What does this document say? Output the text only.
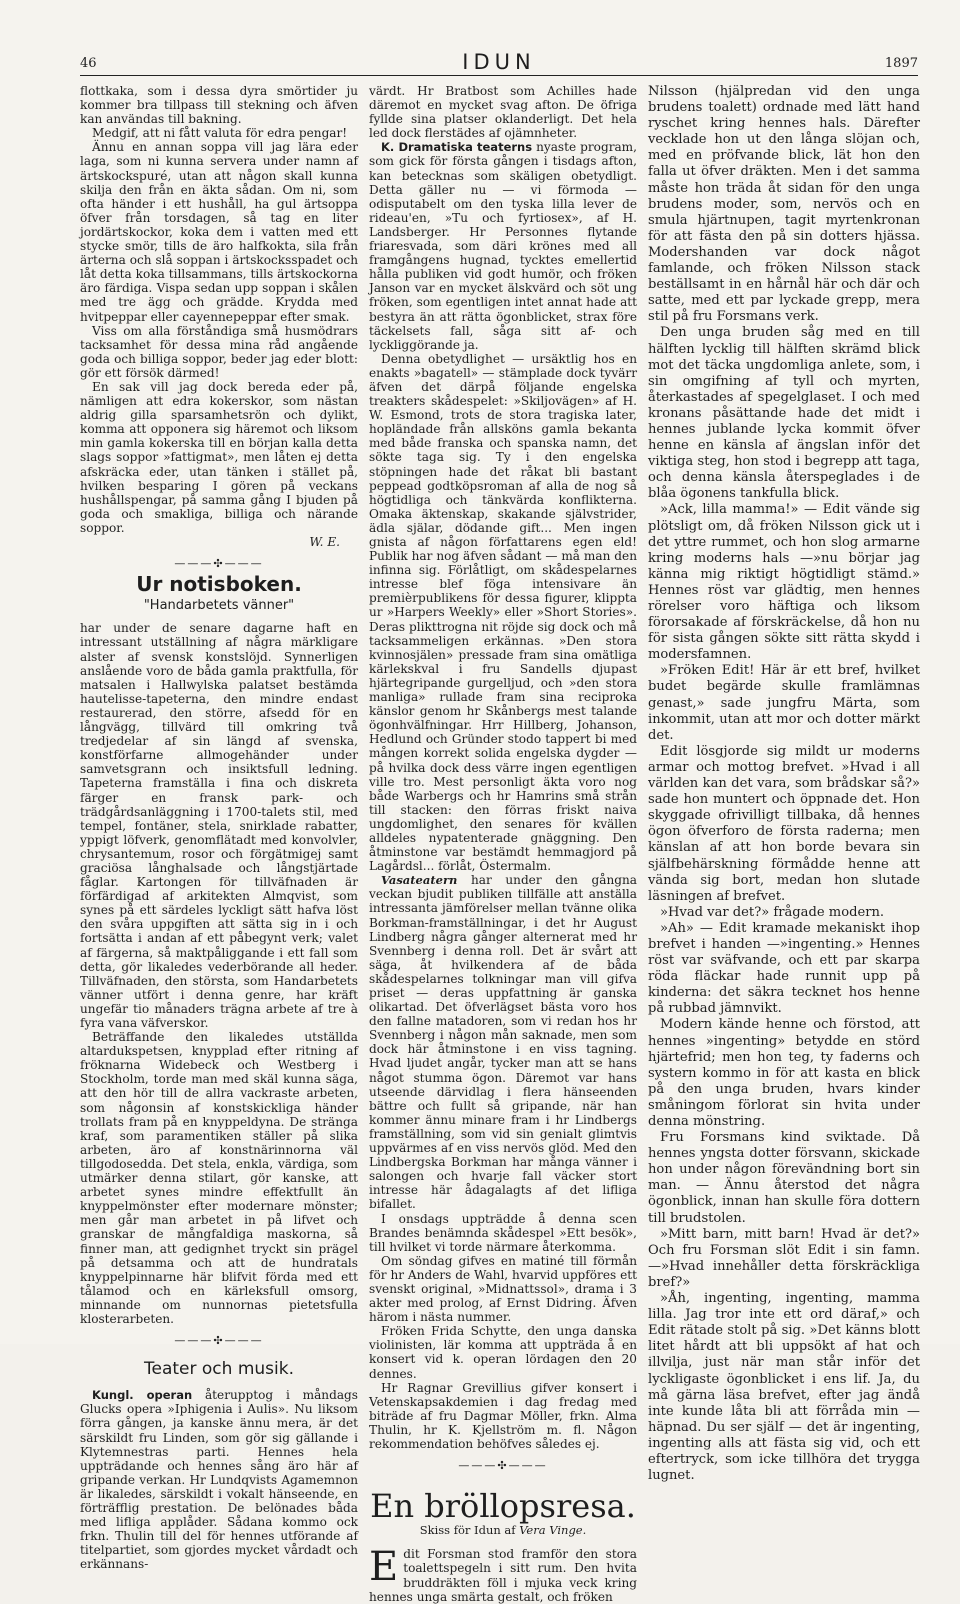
46	IDUN	1897

flottkaka, som i dessa dyra smörtider ju kommer bra tillpass till stekning och äfven kan användas till bakning.

Medgif, att ni fått valuta för edra pengar!

Ännu en annan soppa vill jag lära eder laga, som ni kunna servera under namn af ärtskockspuré, utan att någon skall kunna skilja den från en äkta sådan. Om ni, som ofta händer i ett hushåll, ha gul ärtsoppa öfver från torsdagen, så tag en liter jordärtskockor, koka dem i vatten med ett stycke smör, tills de äro halfkokta, sila från ärterna och slå soppan i ärtskocksspadet och låt detta koka tillsammans, tills ärtskockorna äro färdiga. Vispa sedan upp soppan i skålen med tre ägg och grädde. Krydda med hvitpeppar eller cayennepeppar efter smak.

Viss om alla förståndiga små husmödrars tacksamhet för dessa mina råd angående goda och billiga soppor, beder jag eder blott: gör ett försök därmed!

En sak vill jag dock bereda eder på, nämligen att edra kokerskor, som nästan aldrig gilla sparsamhetsrön och dylikt, komma att opponera sig häremot och liksom min gamla kokerska till en början kalla detta slags soppor »fattigmat», men låten ej detta afskräcka eder, utan tänken i stället på, hvilken besparing I gören på veckans hushållspengar, på samma gång I bjuden på goda och smakliga, billiga och närande soppor.

W. E.

———✣———
Ur notisboken.
"Handarbetets vänner"

har under de senare dagarne haft en intressant utställning af några märkligare alster af svensk konstslöjd. Synnerligen anslående voro de båda gamla praktfulla, för matsalen i Hallwylska palatset bestämda hautelisse-tapeterna, den mindre endast restaurerad, den större, afsedd för en långvägg, tillvärd till omkring två tredjedelar af sin längd af svenska, konstförfarne allmogehänder under samvetsgrann och insiktsfull ledning. Tapeterna framställa i fina och diskreta färger en fransk park- och trädgårdsanläggning i 1700-talets stil, med tempel, fontäner, stela, snirklade rabatter, yppigt löfverk, genomflätadt med konvolvler, chrysantemum, rosor och förgätmigej samt graciösa långhalsade och långstjärtade fåglar. Kartongen för tillväfnaden är förfärdigad af arkitekten Almqvist, som synes på ett särdeles lyckligt sätt hafva löst den svåra uppgiften att sätta sig in i och fortsätta i andan af ett påbegynt verk; valet af färgerna, så maktpåliggande i ett fall som detta, gör likaledes vederbörande all heder. Tillväfnaden, den största, som Handarbetets vänner utfört i denna genre, har kräft ungefär tio månaders trägna arbete af tre à fyra vana väfverskor.

Beträffande den likaledes utställda altardukspetsen, knypplad efter ritning af fröknarna Widebeck och Westberg i Stockholm, torde man med skäl kunna säga, att den hör till de allra vackraste arbeten, som någonsin af konstskickliga händer trollats fram på en knyppeldyna. De stränga kraf, som paramentiken ställer på slika arbeten, äro af konstnärinnorna väl tillgodosedda. Det stela, enkla, värdiga, som utmärker denna stilart, gör kanske, att arbetet synes mindre effektfullt än knyppelmönster efter modernare mönster; men går man arbetet in på lifvet och granskar de mångfaldiga maskorna, så finner man, att gedignhet tryckt sin prägel på detsamma och att de hundratals knyppelpinnarne här blifvit förda med ett tålamod och en kärleksfull omsorg, minnande om nunnornas pietetsfulla klosterarbeten.

———✣———
Teater och musik.

Kungl. operan återupptog i måndags Glucks opera »Iphigenia i Aulis». Nu liksom förra gången, ja kanske ännu mera, är det särskildt fru Linden, som gör sig gällande i Klytemnestras parti. Hennes hela uppträdande och hennes sång äro här af gripande verkan. Hr Lundqvists Agamemnon är likaledes, särskildt i vokalt hänseende, en förträfflig prestation. De belönades båda med lifliga applåder. Sådana kommo ock frkn. Thulin till del för hennes utförande af titelpartiet, som gjordes mycket vårdadt och erkännans-

värdt. Hr Bratbost som Achilles hade däremot en mycket svag afton. De öfriga fyllde sina platser oklanderligt. Det hela led dock flerstädes af ojämnheter.

K. Dramatiska teaterns nyaste program, som gick för första gången i tisdags afton, kan betecknas som skäligen obetydligt. Detta gäller nu — vi förmoda — odisputabelt om den tyska lilla lever de rideau'en, »Tu och fyrtiosex», af H. Landsberger. Hr Personnes flytande friaresvada, som däri krönes med all framgångens hugnad, tycktes emellertid hålla publiken vid godt humör, och fröken Janson var en mycket älskvärd och söt ung fröken, som egentligen intet annat hade att bestyra än att rätta ögonblicket, strax före täckelsets fall, såga sitt af- och lyckliggörande ja.

Denna obetydlighet — ursäktlig hos en enakts »bagatell» — stämplade dock tyvärr äfven det därpå följande engelska treakters skådespelet: »Skiljovägen» af H. W. Esmond, trots de stora tragiska later, hopländade från allsköns gamla bekanta med både franska och spanska namn, det sökte taga sig. Ty i den engelska stöpningen hade det råkat bli bastant peppead godtköpsroman af alla de nog så högtidliga och tänkvärda konflikterna. Omaka äktenskap, skakande självstrider, ädla själar, dödande gift... Men ingen gnista af någon författarens egen eld! Publik har nog äfven sådant — må man den infinna sig. Förlåtligt, om skådespelarnes intresse blef föga intensivare än premièrpublikens för dessa figurer, klippta ur »Harpers Weekly» eller »Short Stories». Deras plikttrogna nit röjde sig dock och må tacksammeligen erkännas. »Den stora kvinnosjälen» pressade fram sina omätliga kärlekskval i fru Sandells djupast hjärtegripande gurgelljud, och »den stora manliga» rullade fram sina reciproka känslor genom hr Skånbergs mest talande ögonhvälfningar. Hrr Hillberg, Johanson, Hedlund och Gründer stodo tappert bi med mången korrekt solida engelska dygder — på hvilka dock dess värre ingen egentligen ville tro. Mest personligt äkta voro nog både Warbergs och hr Hamrins små strån till stacken: den förras friskt naiva ungdomlighet, den senares för kvällen alldeles nypatenterade gnäggning. Den åtminstone var bestämdt hemmagjord på Lagårdsl... förlåt, Östermalm.

Vasateatern har under den gångna veckan bjudit publiken tillfälle att anställa intressanta jämförelser mellan tvänne olika Borkman-framställningar, i det hr August Lindberg några gånger alternerat med hr Svennberg i denna roll. Det är svårt att säga, åt hvilkendera af de båda skådespelarnes tolkningar man vill gifva priset — deras uppfattning är ganska olikartad. Det öfverlägset bästa voro hos den fallne matadoren, som vi redan hos hr Svennberg i någon mån saknade, men som dock här åtminstone i en viss tagning. Hvad ljudet angår, tycker man att se hans något stumma ögon. Däremot var hans utseende därvidlag i flera hänseenden bättre och fullt så gripande, när han kommer ännu minare fram i hr Lindbergs framställning, som vid sin genialt glimtvis uppvärmes af en viss nervös glöd. Med den Lindbergska Borkman har många vänner i salongen och hvarje fall väcker stort intresse här ådagalagts af det lifliga bifallet.

I onsdags uppträdde å denna scen Brandes benämnda skådespel »Ett besök», till hvilket vi torde närmare återkomma.

Om söndag gifves en matiné till förmån för hr Anders de Wahl, hvarvid uppföres ett svenskt original, »Midnattssol», drama i 3 akter med prolog, af Ernst Didring. Äfven härom i nästa nummer.

Fröken Frida Schytte, den unga danska violinisten, lär komma att uppträda å en konsert vid k. operan lördagen den 20 dennes.

Hr Ragnar Grevillius gifver konsert i Vetenskapsakdemien i dag fredag med biträde af fru Dagmar Möller, frkn. Alma Thulin, hr K. Kjellström m. fl. Någon rekommendation behöfves således ej.

———✣———
En bröllopsresa.
Skiss för Idun af Vera Vinge.

Edit Forsman stod framför den stora toalettspegeln i sitt rum. Den hvita bruddräkten föll i mjuka veck kring hennes unga smärta gestalt, och fröken

Nilsson (hjälpredan vid den unga brudens toalett) ordnade med lätt hand ryschet kring hennes hals. Därefter vecklade hon ut den långa slöjan och, med en pröfvande blick, lät hon den falla ut öfver dräkten. Men i det samma måste hon träda åt sidan för den unga brudens moder, som, nervös och en smula hjärtnupen, tagit myrtenkronan för att fästa den på sin dotters hjässa. Modershanden var dock något famlande, och fröken Nilsson stack beställsamt in en hårnål här och där och satte, med ett par lyckade grepp, mera stil på fru Forsmans verk.

Den unga bruden såg med en till hälften lycklig till hälften skrämd blick mot det täcka ungdomliga anlete, som, i sin omgifning af tyll och myrten, återkastades af spegelglaset. I och med kronans påsättande hade det midt i hennes jublande lycka kommit öfver henne en känsla af ängslan inför det viktiga steg, hon stod i begrepp att taga, och denna känsla återspeglades i de blåa ögonens tankfulla blick.

»Ack, lilla mamma!» — Edit vände sig plötsligt om, då fröken Nilsson gick ut i det yttre rummet, och hon slog armarne kring moderns hals —»nu börjar jag känna mig riktigt högtidligt stämd.» Hennes röst var glädtig, men hennes rörelser voro häftiga och liksom förorsakade af förskräckelse, då hon nu för sista gången sökte sitt rätta skydd i modersfamnen.

»Fröken Edit! Här är ett bref, hvilket budet begärde skulle framlämnas genast,» sade jungfru Märta, som inkommit, utan att mor och dotter märkt det.

Edit lösgjorde sig mildt ur moderns armar och mottog brefvet. »Hvad i all världen kan det vara, som brådskar så?» sade hon muntert och öppnade det. Hon skyggade ofrivilligt tillbaka, då hennes ögon öfverforo de första raderna; men känslan af att hon borde bevara sin själfbehärskning förmådde henne att vända sig bort, medan hon slutade läsningen af brefvet.

»Hvad var det?» frågade modern.

»Ah» — Edit kramade mekaniskt ihop brefvet i handen —»ingenting.» Hennes röst var sväfvande, och ett par skarpa röda fläckar hade runnit upp på kinderna: det säkra tecknet hos henne på rubbad jämnvikt.

Modern kände henne och förstod, att hennes »ingenting» betydde en störd hjärtefrid; men hon teg, ty faderns och systern kommo in för att kasta en blick på den unga bruden, hvars kinder småningom förlorat sin hvita under denna mönstring.

Fru Forsmans kind sviktade. Då hennes yngsta dotter försvann, skickade hon under någon förevändning bort sin man. — Ännu återstod det några ögonblick, innan han skulle föra dottern till brudstolen.

»Mitt barn, mitt barn! Hvad är det?» Och fru Forsman slöt Edit i sin famn. —»Hvad innehåller detta förskräckliga bref?»

»Åh, ingenting, ingenting, mamma lilla. Jag tror inte ett ord däraf,» och Edit rätade stolt på sig. »Det känns blott litet hårdt att bli uppsökt af hat och illvilja, just när man står inför det lyckligaste ögonblicket i ens lif. Ja, du må gärna läsa brefvet, efter jag ändå inte kunde låta bli att förråda min — häpnad. Du ser själf — det är ingenting, ingenting alls att fästa sig vid, och ett eftertryck, som icke tillhöra det trygga lugnet.
